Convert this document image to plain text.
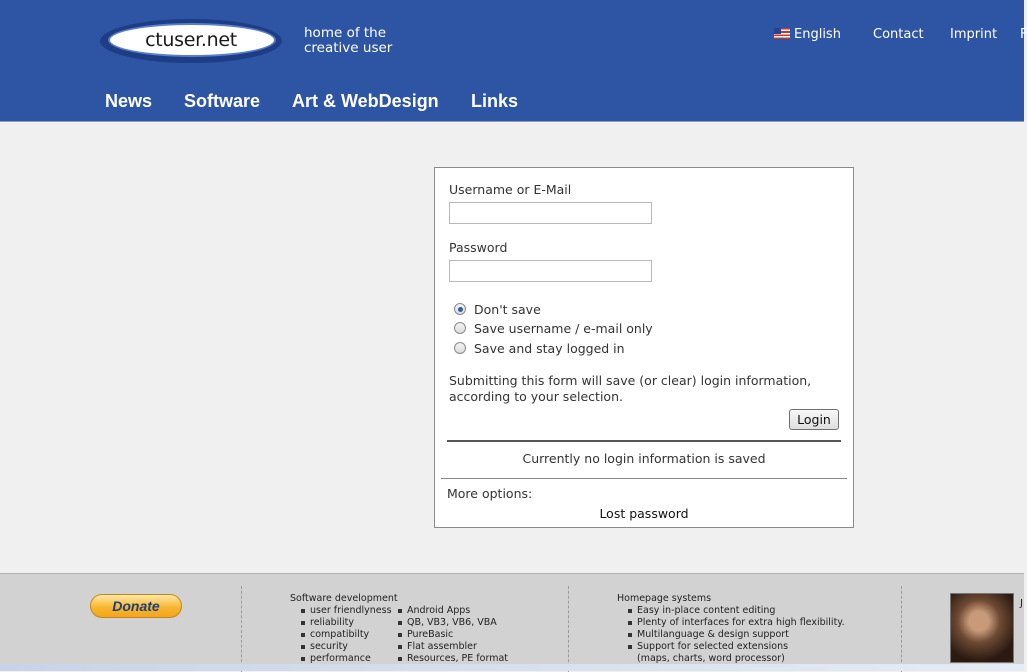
ctuser.net	home of the
creative user
English Contact Imprint F
News Software Art & WebDesign Links
Username or E-Mail
Password
Don't save
Save username / e-mail only
Save and stay logged in
Submitting this form will save (or clear) login information, according to your selection.
Login
Currently no login information is saved
More options:
Lost password
Donate	Software development
user friendlyness
reliability
compatibilty
security
performance
Android Apps
QB, VB3, VB6, VBA
PureBasic
Flat assembler
Resources, PE format
Homepage systems
Easy in-place content editing
Plenty of interfaces for extra high flexibility.
Multilanguage & design support
Support for selected extensions
(maps, charts, word processor)
J
